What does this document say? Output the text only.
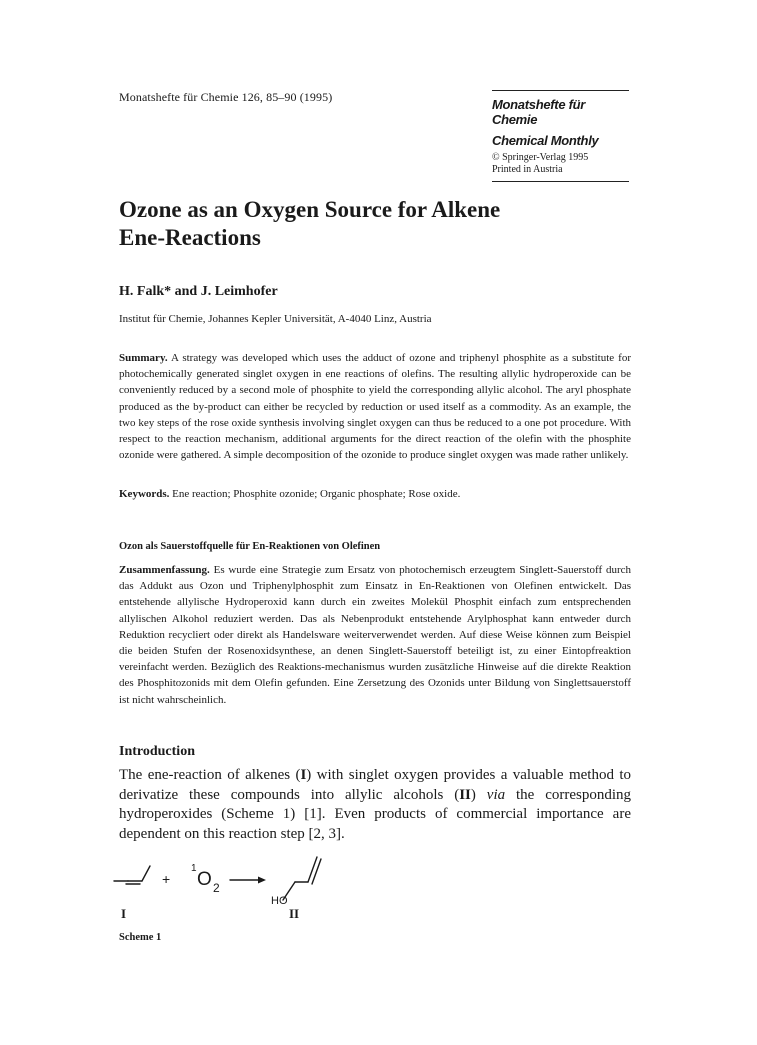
Monatshefte für Chemie 126, 85–90 (1995)	Monatshefte für Chemie
Chemical Monthly
© Springer-Verlag 1995
Printed in Austria
Ozone as an Oxygen Source for Alkene Ene-Reactions
H. Falk* and J. Leimhofer
Institut für Chemie, Johannes Kepler Universität, A-4040 Linz, Austria
Summary. A strategy was developed which uses the adduct of ozone and triphenyl phosphite as a substitute for photochemically generated singlet oxygen in ene reactions of olefins. The resulting allylic hydroperoxide can be conveniently reduced by a second mole of phosphite to yield the corresponding allylic alcohol. The aryl phosphate produced as the by-product can either be recycled by reduction or used itself as a commodity. As an example, the two key steps of the rose oxide synthesis involving singlet oxygen can thus be reduced to a one pot procedure. With respect to the reaction mechanism, additional arguments for the direct reaction of the olefin with the phosphite ozonide were gathered. A simple decomposition of the ozonide to produce singlet oxygen was made rather unlikely.
Keywords. Ene reaction; Phosphite ozonide; Organic phosphate; Rose oxide.
Ozon als Sauerstoffquelle für En-Reaktionen von Olefinen
Zusammenfassung. Es wurde eine Strategie zum Ersatz von photochemisch erzeugtem Singlett-Sauerstoff durch das Addukt aus Ozon und Triphenylphosphit zum Einsatz in En-Reaktionen von Olefinen entwickelt. Das entstehende allylische Hydroperoxid kann durch ein zweites Molekül Phosphit einfach zum entsprechenden allylischen Alkohol reduziert werden. Das als Nebenprodukt entstehende Arylphosphat kann entweder durch Reduktion recycliert oder direkt als Handelsware weiterverwendet werden. Auf diese Weise können zum Beispiel die beiden Stufen der Rosenoxidsynthese, an denen Singlett-Sauerstoff beteiligt ist, zu einer Eintopfreaktion vereinfacht werden. Bezüglich des Reaktions-mechanismus wurden zusätzliche Hinweise auf die direkte Reaktion des Phosphitozonids mit dem Olefin gefunden. Eine Zersetzung des Ozonids unter Bildung von Singlettsauerstoff ist nicht wahrscheinlich.
Introduction
The ene-reaction of alkenes (I) with singlet oxygen provides a valuable method to derivatize these compounds into allylic alcohols (II) via the corresponding hydroperoxides (Scheme 1) [1]. Even products of commercial importance are dependent on this reaction step [2, 3].
+
1
O 2
HO
I	II
Scheme 1
